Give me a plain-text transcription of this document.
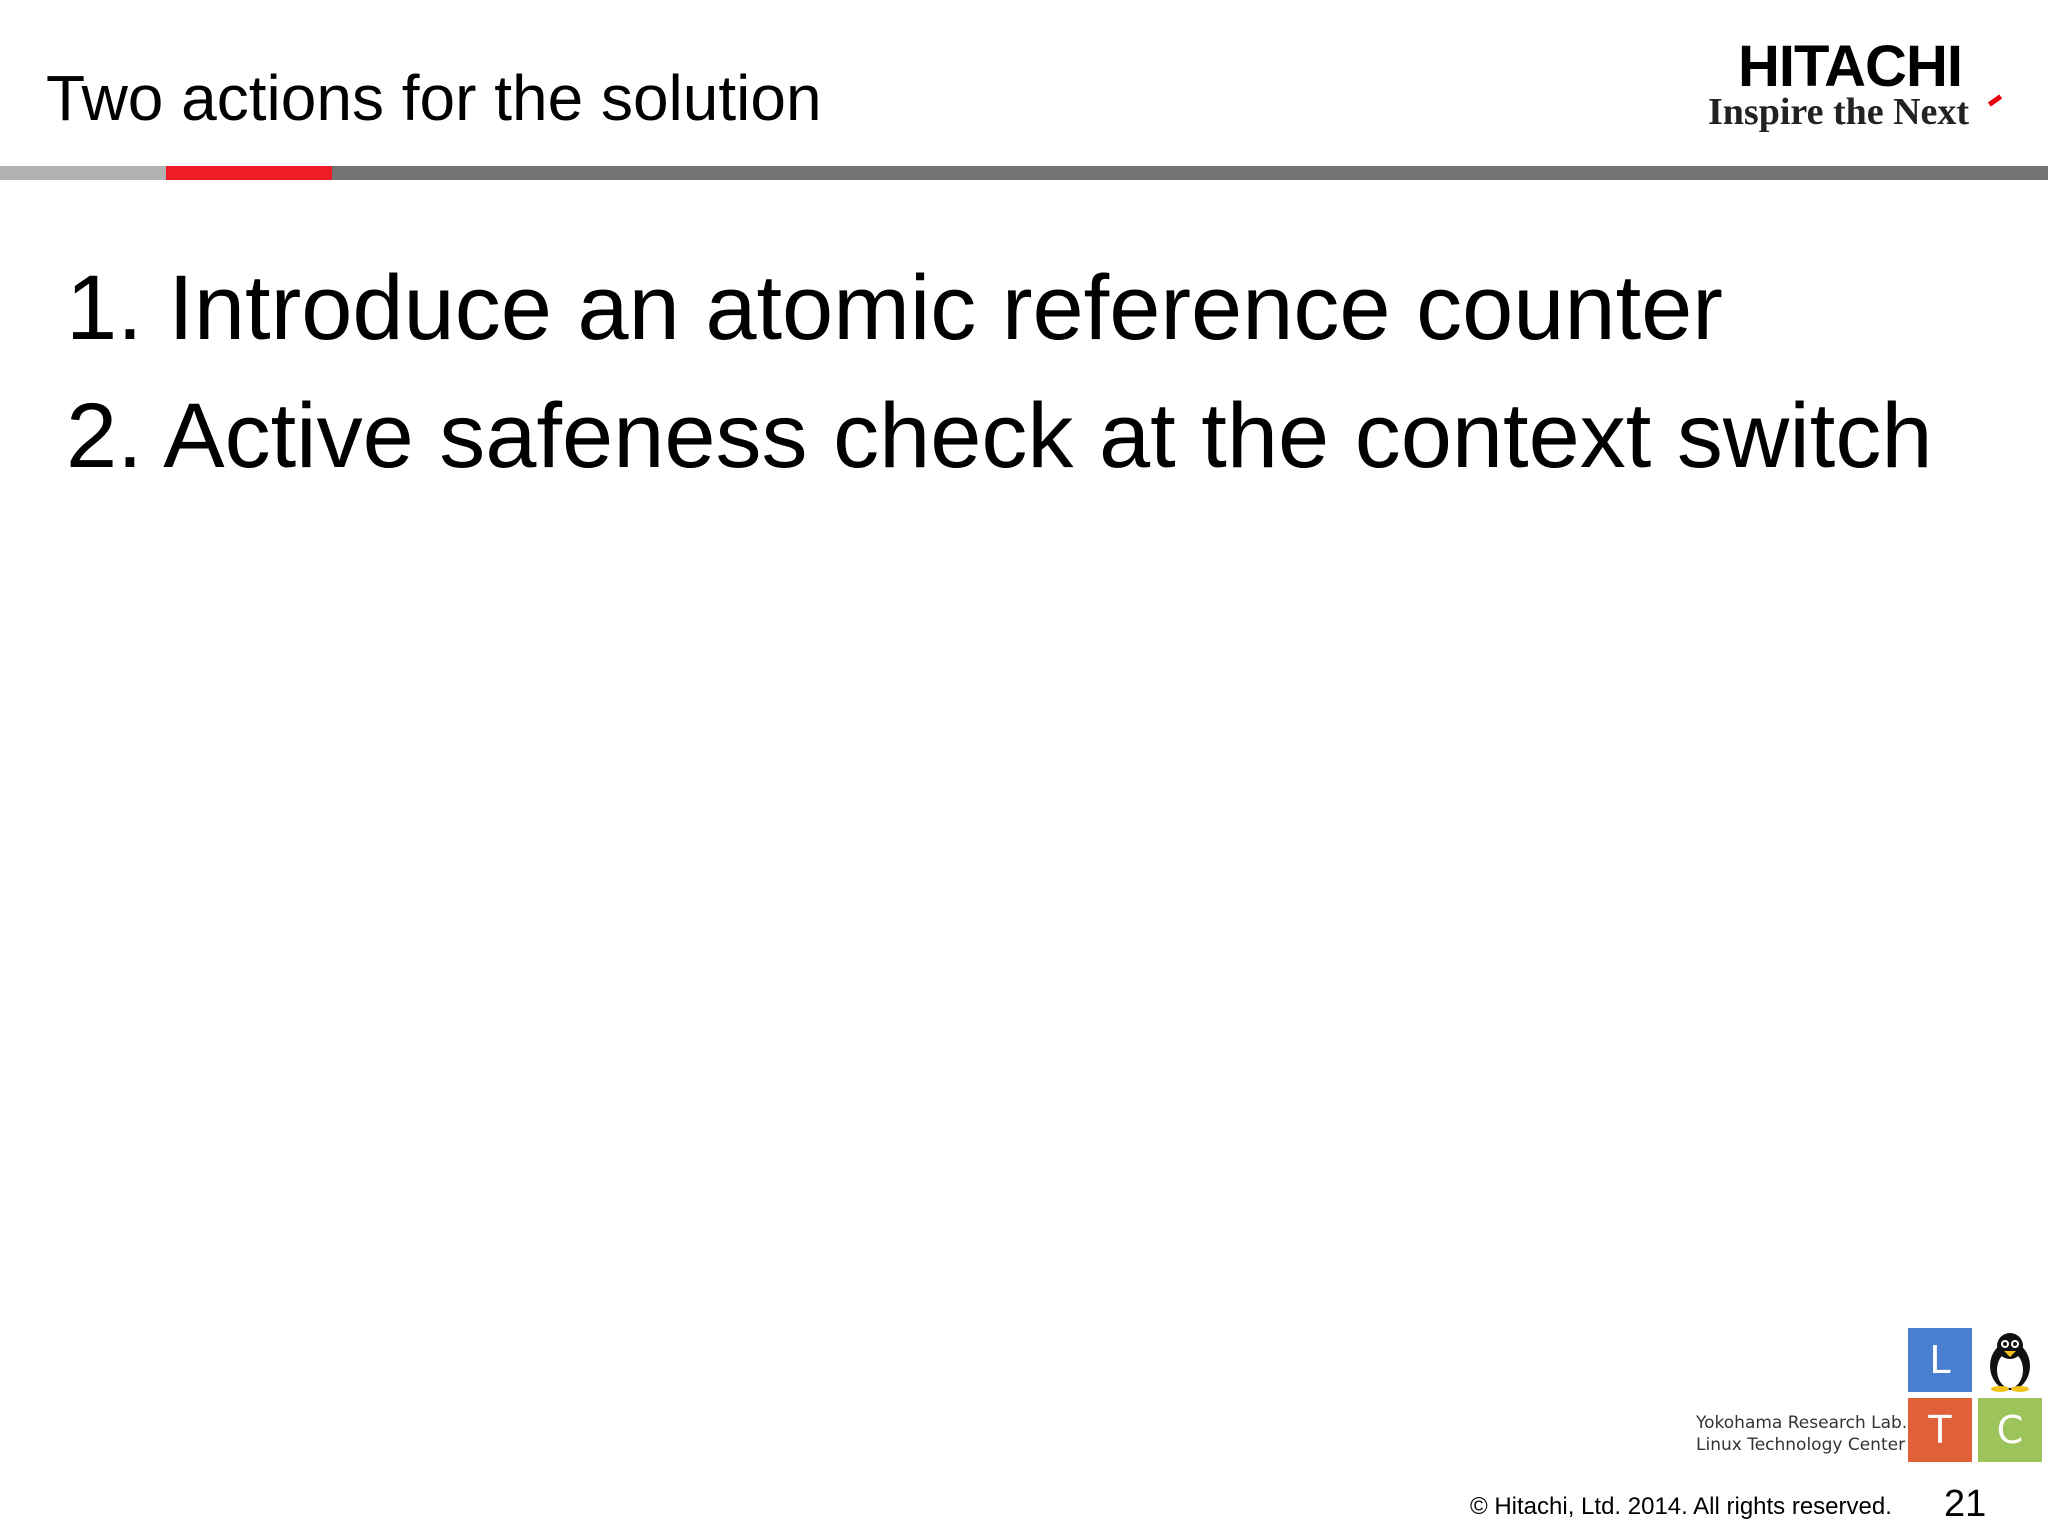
Two actions for the solution	HITACHI
Inspire the Next
1. Introduce an atomic reference counter
2. Active safeness check at the context switch
Yokohama Research Lab.
Linux Technology Center
L
T	C
© Hitachi, Ltd. 2014. All rights reserved. 21
